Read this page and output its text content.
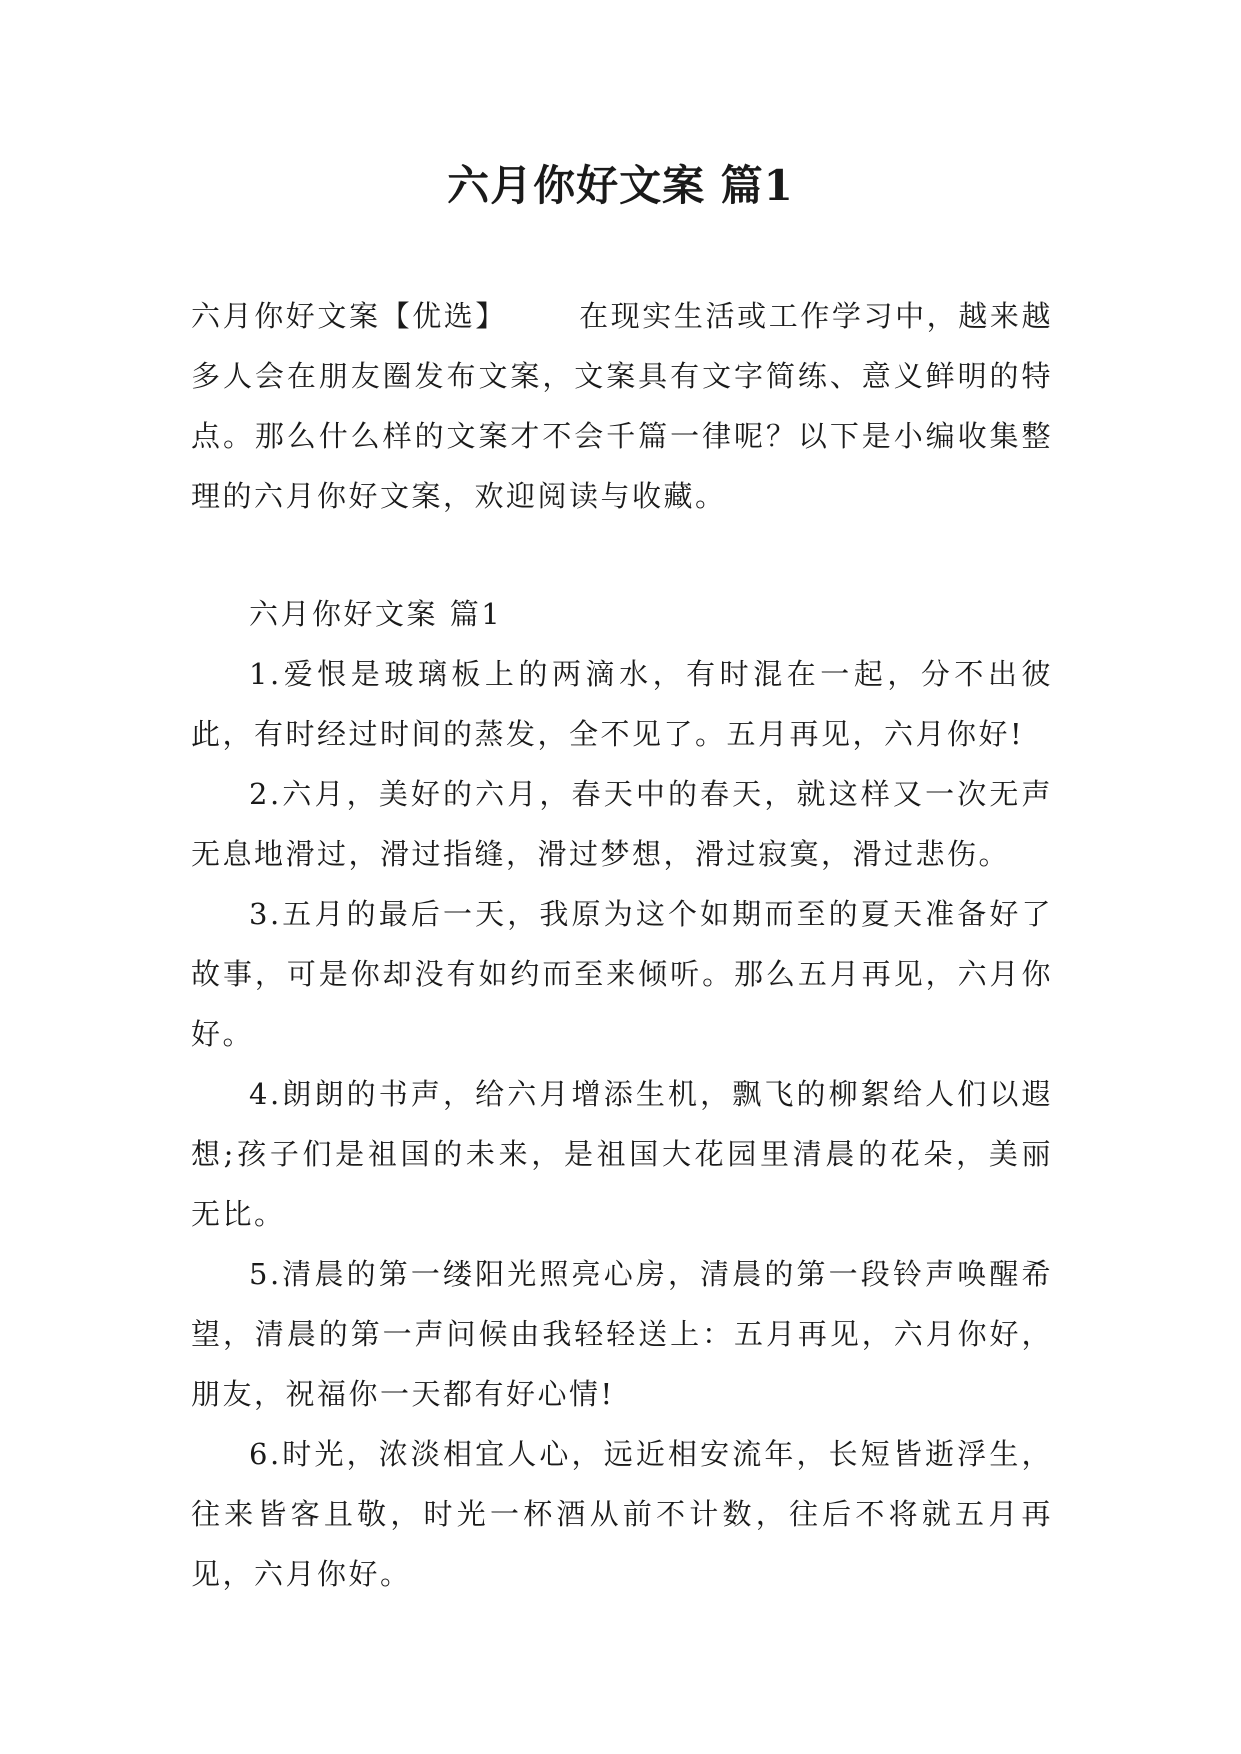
六月你好文案 篇1

六月你好文案【优选】 在现实生活或工作学习中，越来越多人会在朋友圈发布文案，文案具有文字简练、意义鲜明的特点。那么什么样的文案才不会千篇一律呢？以下是小编收集整理的六月你好文案，欢迎阅读与收藏。

六月你好文案 篇1

1.爱恨是玻璃板上的两滴水，有时混在一起，分不出彼此，有时经过时间的蒸发，全不见了。五月再见，六月你好!

2.六月，美好的六月，春天中的春天，就这样又一次无声无息地滑过，滑过指缝，滑过梦想，滑过寂寞，滑过悲伤。

3.五月的最后一天，我原为这个如期而至的夏天准备好了故事，可是你却没有如约而至来倾听。那么五月再见，六月你好。

4.朗朗的书声，给六月增添生机，飘飞的柳絮给人们以遐想;孩子们是祖国的未来，是祖国大花园里清晨的花朵，美丽无比。

5.清晨的第一缕阳光照亮心房，清晨的第一段铃声唤醒希望，清晨的第一声问候由我轻轻送上：五月再见，六月你好，朋友，祝福你一天都有好心情!

6.时光，浓淡相宜人心，远近相安流年，长短皆逝浮生，往来皆客且敬，时光一杯酒从前不计数，往后不将就五月再见，六月你好。
